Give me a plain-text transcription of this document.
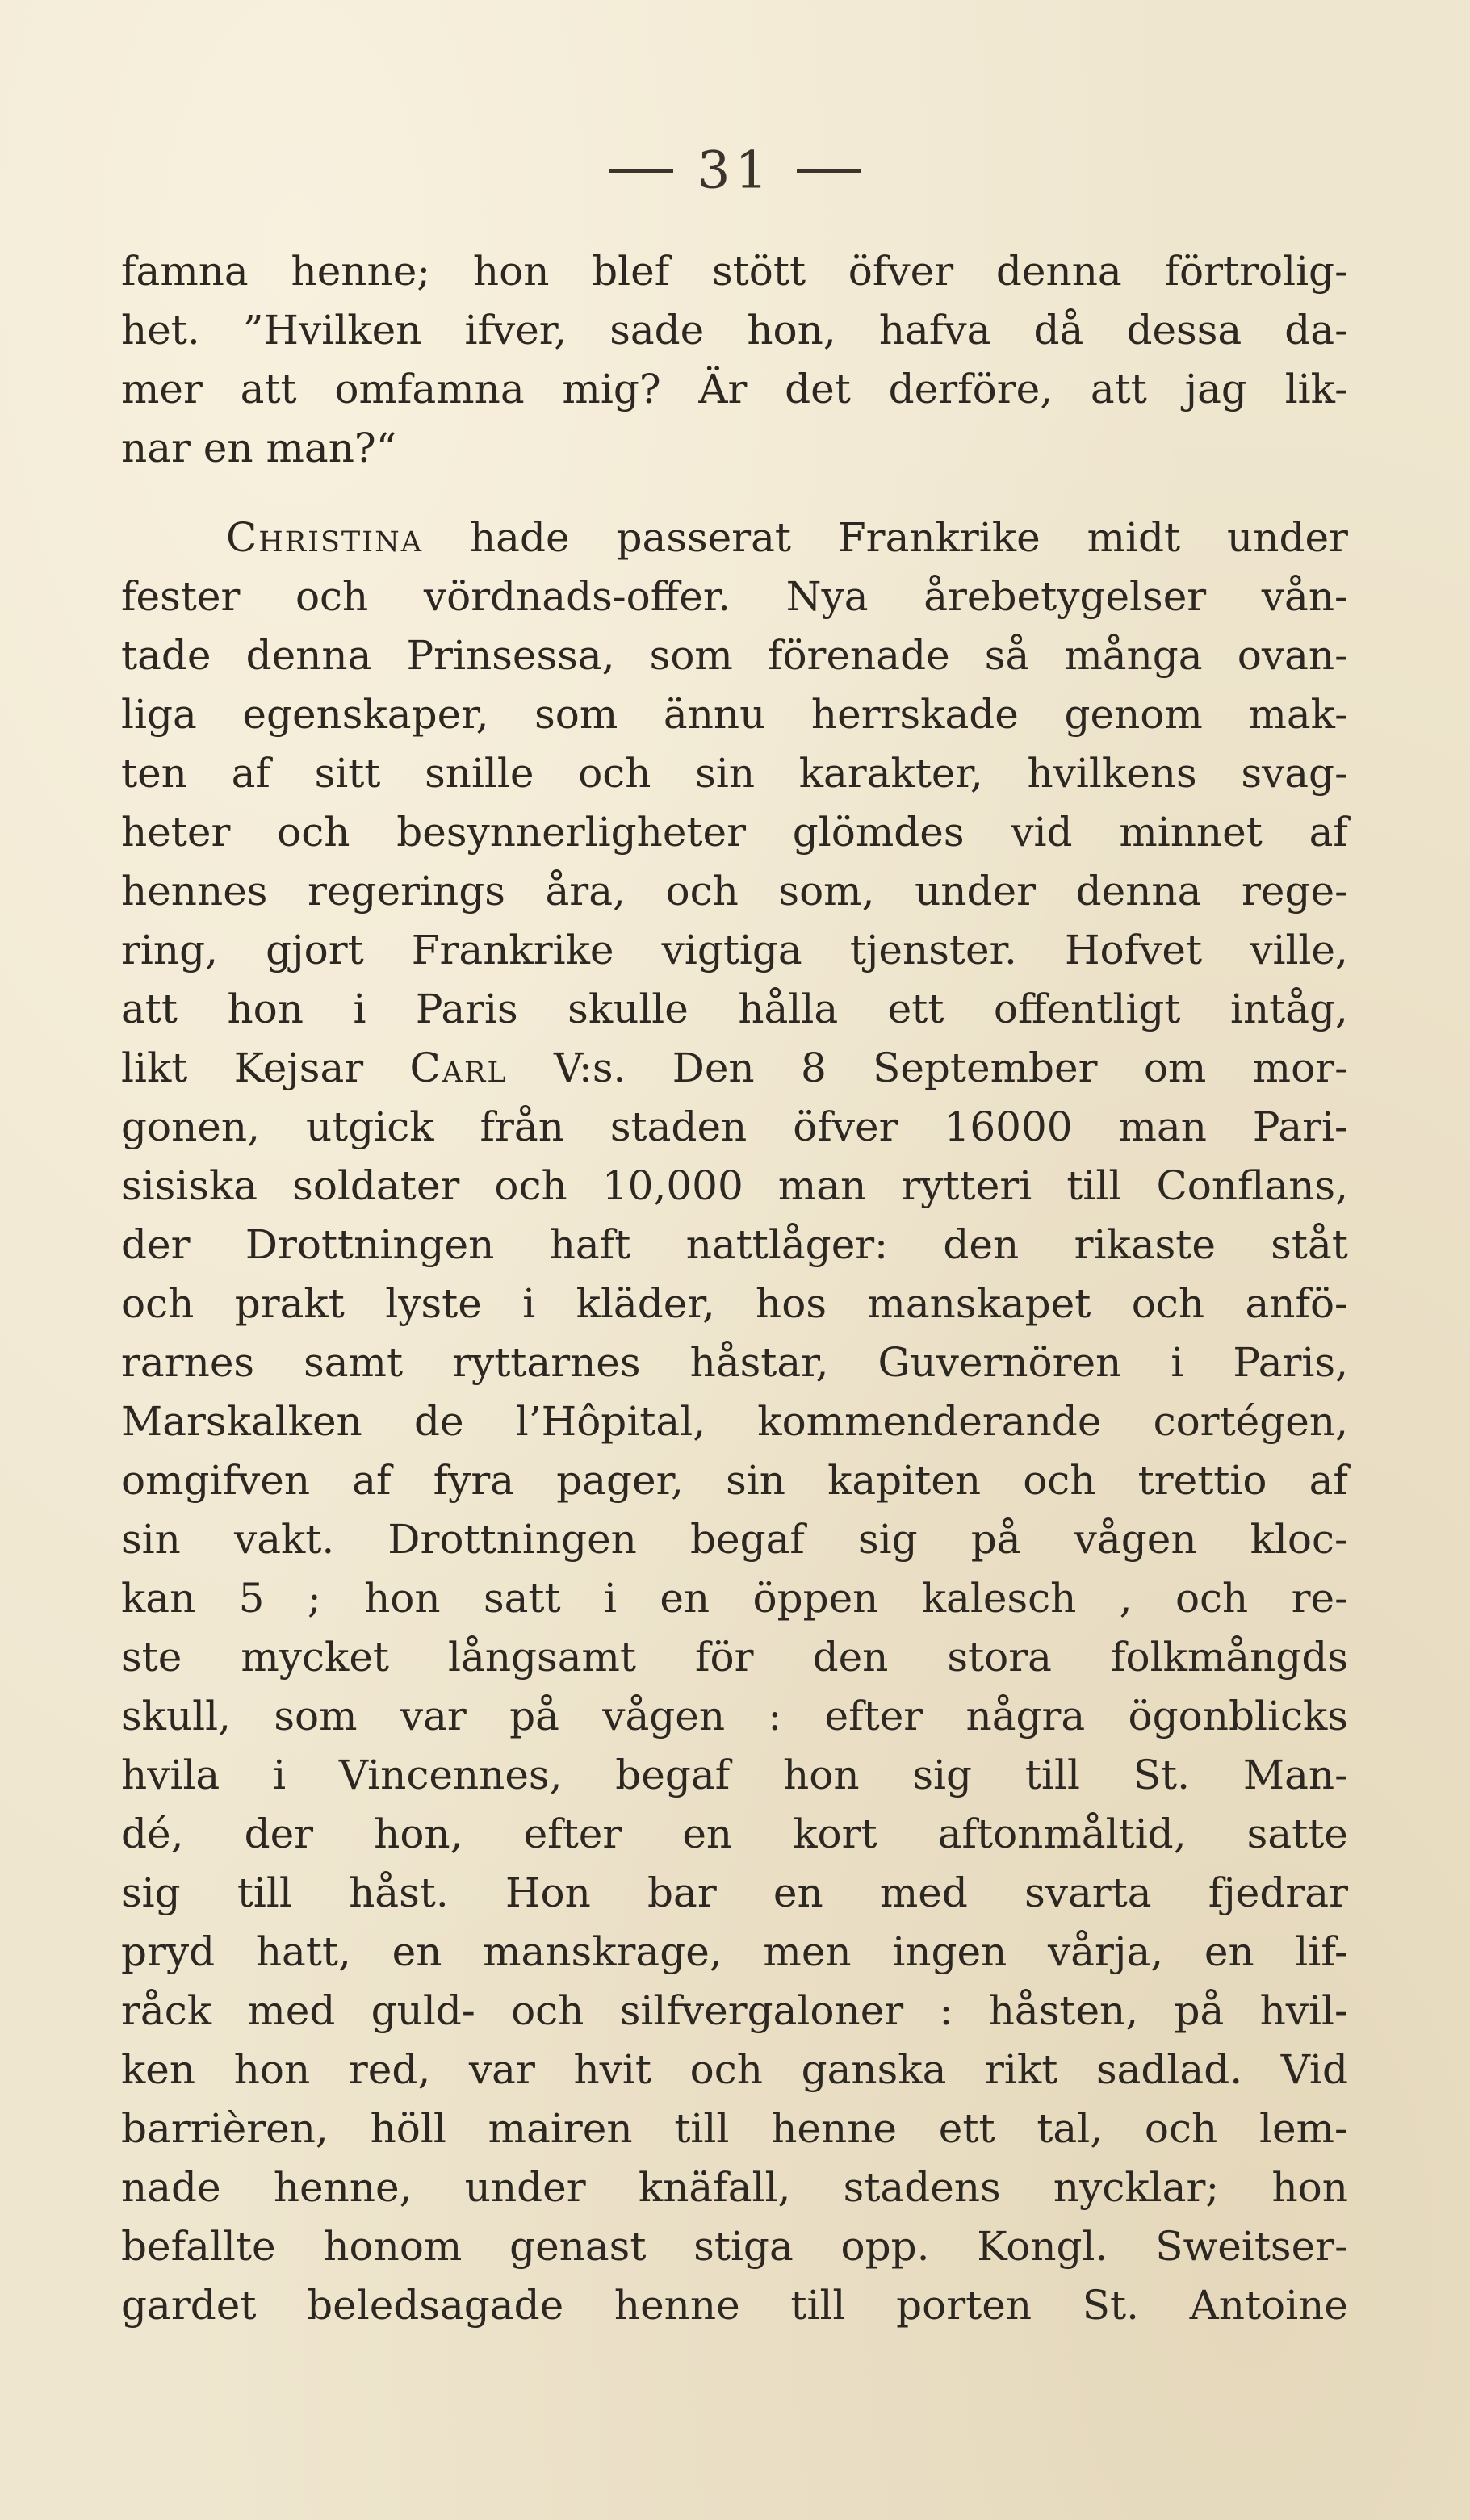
31
famna henne; hon blef stött öfver denna förtrolig-
het. ”Hvilken ifver, sade hon, hafva då dessa da-
mer att omfamna mig? Är det derföre, att jag lik-
nar en man?“
Christina hade passerat Frankrike midt under
fester och vördnads-offer. Nya årebetygelser vån-
tade denna Prinsessa, som förenade så många ovan-
liga egenskaper, som ännu herrskade genom mak-
ten af sitt snille och sin karakter, hvilkens svag-
heter och besynnerligheter glömdes vid minnet af
hennes regerings åra, och som, under denna rege-
ring, gjort Frankrike vigtiga tjenster. Hofvet ville,
att hon i Paris skulle hålla ett offentligt intåg,
likt Kejsar Carl V:s. Den 8 September om mor-
gonen, utgick från staden öfver 16000 man Pari-
sisiska soldater och 10,000 man rytteri till Conflans,
der Drottningen haft nattlåger: den rikaste ståt
och prakt lyste i kläder, hos manskapet och anfö-
rarnes samt ryttarnes håstar, Guvernören i Paris,
Marskalken de l’Hôpital, kommenderande cortégen,
omgifven af fyra pager, sin kapiten och trettio af
sin vakt. Drottningen begaf sig på vågen kloc-
kan 5 ; hon satt i en öppen kalesch , och re-
ste mycket långsamt för den stora folkmångds
skull, som var på vågen : efter några ögonblicks
hvila i Vincennes, begaf hon sig till St. Man-
dé, der hon, efter en kort aftonmåltid, satte
sig till håst. Hon bar en med svarta fjedrar
pryd hatt, en manskrage, men ingen vårja, en lif-
råck med guld- och silfvergaloner : håsten, på hvil-
ken hon red, var hvit och ganska rikt sadlad. Vid
barrièren, höll mairen till henne ett tal, och lem-
nade henne, under knäfall, stadens nycklar; hon
befallte honom genast stiga opp. Kongl. Sweitser-
gardet beledsagade henne till porten St. Antoine
